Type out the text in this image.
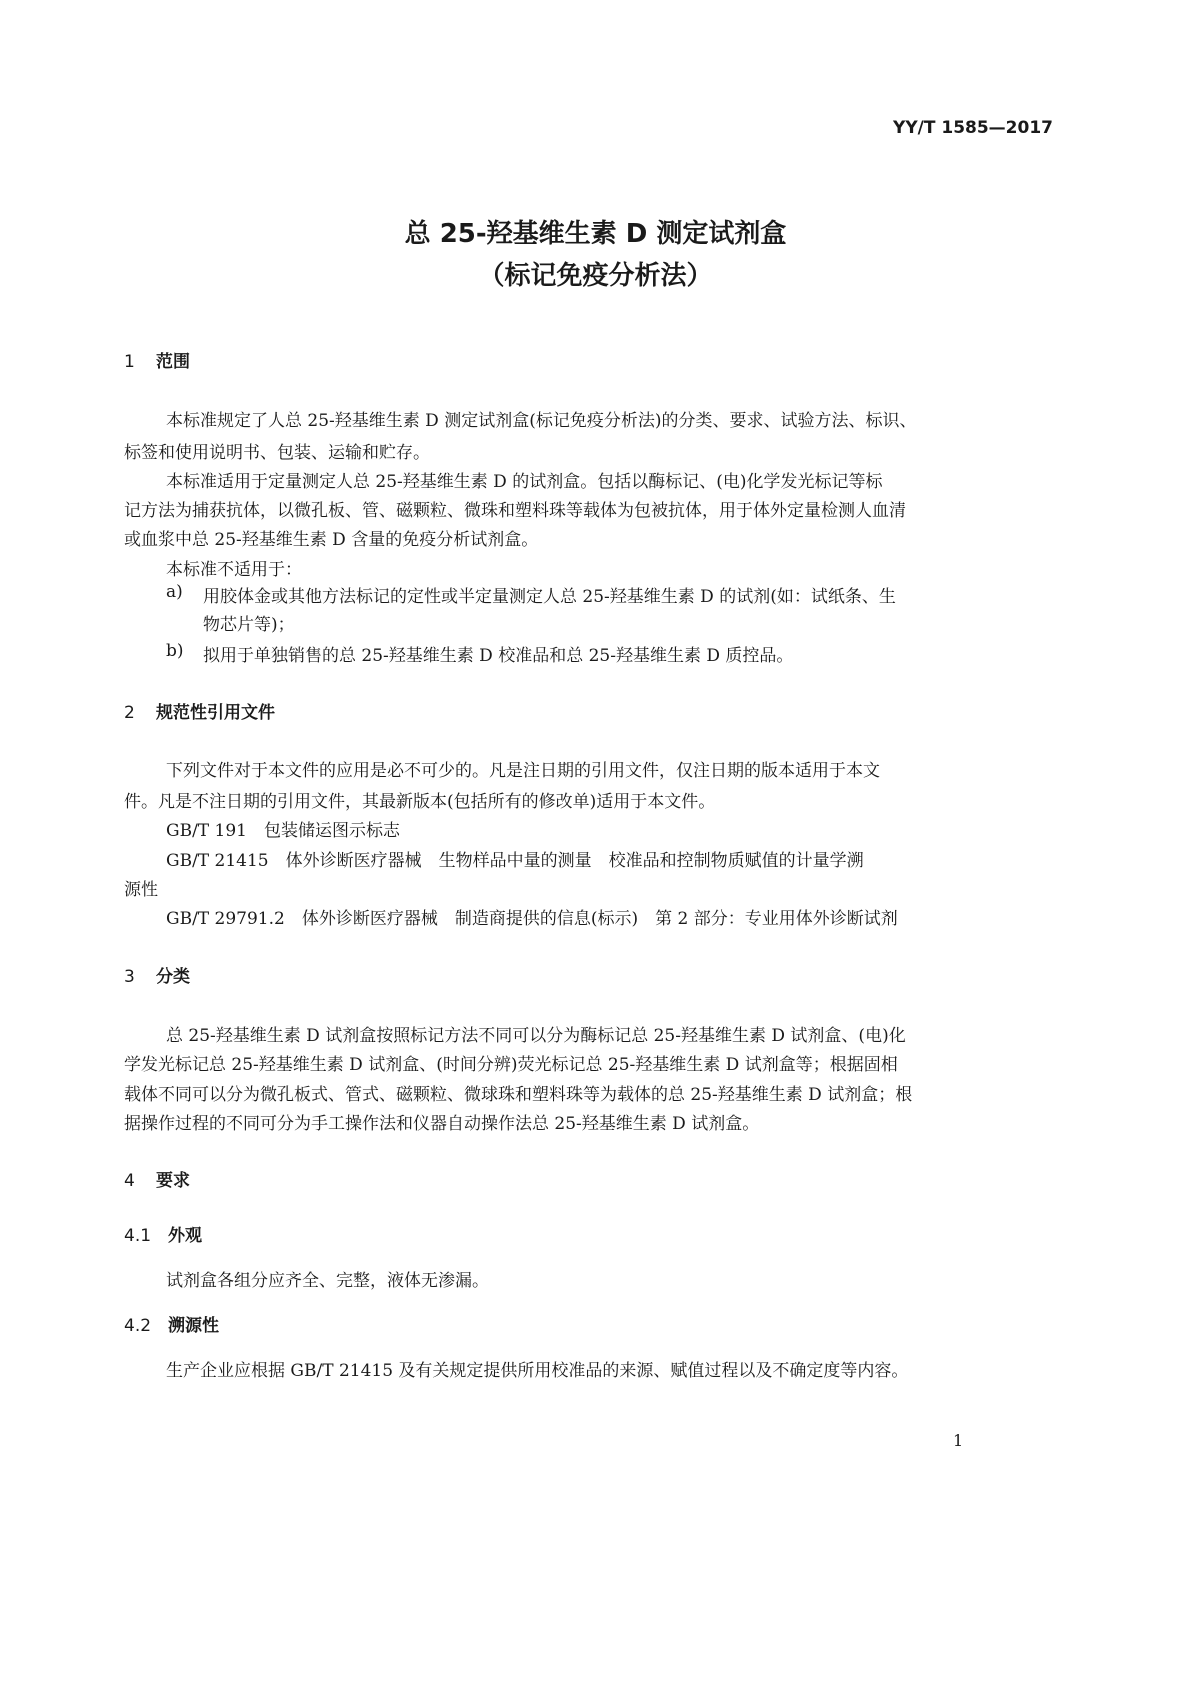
YY/T 1585—2017
总 25-羟基维生素 D 测定试剂盒
（标记免疫分析法）
1 范围
本标准规定了人总 25-羟基维生素 D 测定试剂盒(标记免疫分析法)的分类、要求、试验方法、标识、
标签和使用说明书、包装、运输和贮存。
本标准适用于定量测定人总 25-羟基维生素 D 的试剂盒。包括以酶标记、(电)化学发光标记等标
记方法为捕获抗体，以微孔板、管、磁颗粒、微珠和塑料珠等载体为包被抗体，用于体外定量检测人血清
或血浆中总 25-羟基维生素 D 含量的免疫分析试剂盒。
本标准不适用于：
a) 用胶体金或其他方法标记的定性或半定量测定人总 25-羟基维生素 D 的试剂(如：试纸条、生
物芯片等)；
b) 拟用于单独销售的总 25-羟基维生素 D 校准品和总 25-羟基维生素 D 质控品。
2 规范性引用文件
下列文件对于本文件的应用是必不可少的。凡是注日期的引用文件，仅注日期的版本适用于本文
件。凡是不注日期的引用文件，其最新版本(包括所有的修改单)适用于本文件。
GB/T 191　包装储运图示标志
GB/T 21415　体外诊断医疗器械　生物样品中量的测量　校准品和控制物质赋值的计量学溯
源性
GB/T 29791.2　体外诊断医疗器械　制造商提供的信息(标示)　第 2 部分：专业用体外诊断试剂
3 分类
总 25-羟基维生素 D 试剂盒按照标记方法不同可以分为酶标记总 25-羟基维生素 D 试剂盒、(电)化
学发光标记总 25-羟基维生素 D 试剂盒、(时间分辨)荧光标记总 25-羟基维生素 D 试剂盒等；根据固相
载体不同可以分为微孔板式、管式、磁颗粒、微球珠和塑料珠等为载体的总 25-羟基维生素 D 试剂盒；根
据操作过程的不同可分为手工操作法和仪器自动操作法总 25-羟基维生素 D 试剂盒。
4 要求
4.1 外观
试剂盒各组分应齐全、完整，液体无渗漏。
4.2 溯源性
生产企业应根据 GB/T 21415 及有关规定提供所用校准品的来源、赋值过程以及不确定度等内容。
1
